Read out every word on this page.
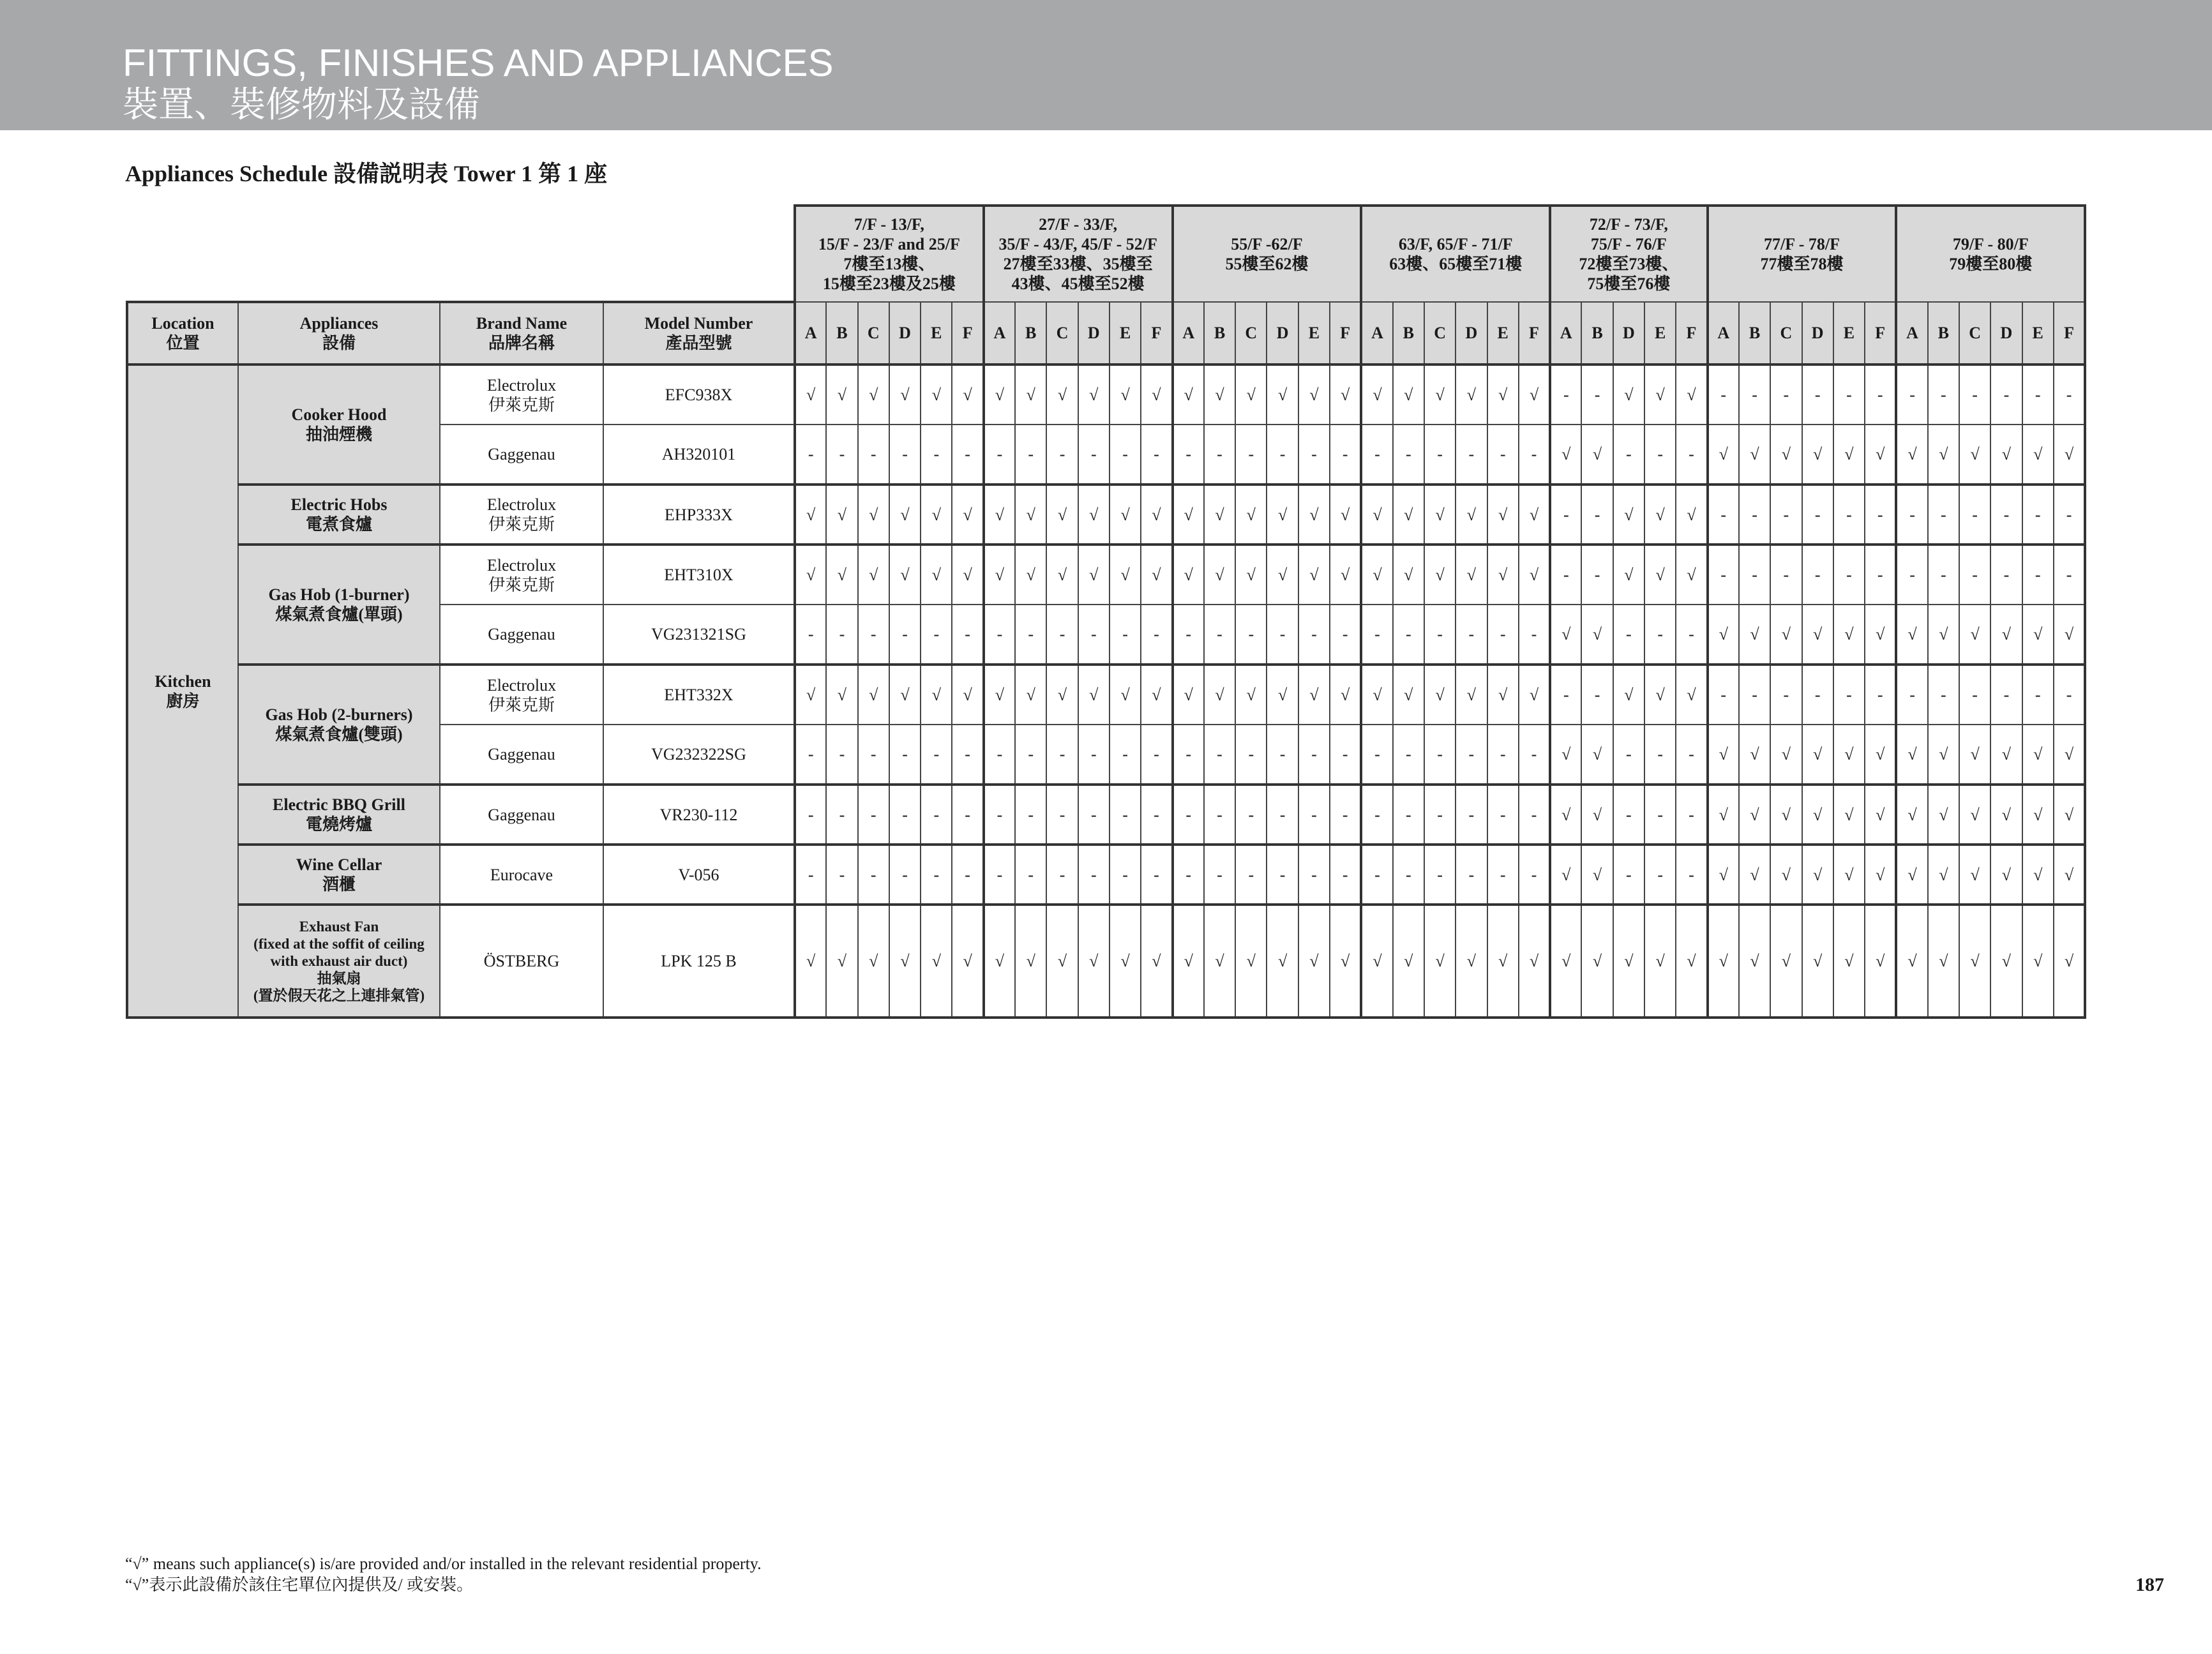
FITTINGS, FINISHES AND APPLIANCES
裝置、裝修物料及設備
Appliances Schedule 設備説明表 Tower 1 第 1 座
				7/F - 13/F,
15/F - 23/F and 25/F
7樓至13樓、
15樓至23樓及25樓						27/F - 33/F,
35/F - 43/F, 45/F - 52/F
27樓至33樓、35樓至
43樓、45樓至52樓						55/F -62/F
55樓至62樓						63/F, 65/F - 71/F
63樓、65樓至71樓						72/F - 73/F,
75/F - 76/F
72樓至73樓、
75樓至76樓					77/F - 78/F
77樓至78樓						79/F - 80/F
79樓至80樓					
Location
位置	Appliances
設備	Brand Name
品牌名稱	Model Number
產品型號	A	B	C	D	E	F	A	B	C	D	E	F	A	B	C	D	E	F	A	B	C	D	E	F	A	B	D	E	F	A	B	C	D	E	F	A	B	C	D	E	F
Kitchen
廚房	Cooker Hood
抽油煙機	Electrolux
伊萊克斯	EFC938X	√	√	√	√	√	√	√	√	√	√	√	√	√	√	√	√	√	√	√	√	√	√	√	√	-	-	√	√	√	-	-	-	-	-	-	-	-	-	-	-	-
		Gaggenau	AH320101	-	-	-	-	-	-	-	-	-	-	-	-	-	-	-	-	-	-	-	-	-	-	-	-	√	√	-	-	-	√	√	√	√	√	√	√	√	√	√	√	√
	Electric Hobs
電煮食爐	Electrolux
伊萊克斯	EHP333X	√	√	√	√	√	√	√	√	√	√	√	√	√	√	√	√	√	√	√	√	√	√	√	√	-	-	√	√	√	-	-	-	-	-	-	-	-	-	-	-	-
	Gas Hob (1-burner)
煤氣煮食爐(單頭)	Electrolux
伊萊克斯	EHT310X	√	√	√	√	√	√	√	√	√	√	√	√	√	√	√	√	√	√	√	√	√	√	√	√	-	-	√	√	√	-	-	-	-	-	-	-	-	-	-	-	-
		Gaggenau	VG231321SG	-	-	-	-	-	-	-	-	-	-	-	-	-	-	-	-	-	-	-	-	-	-	-	-	√	√	-	-	-	√	√	√	√	√	√	√	√	√	√	√	√
	Gas Hob (2-burners)
煤氣煮食爐(雙頭)	Electrolux
伊萊克斯	EHT332X	√	√	√	√	√	√	√	√	√	√	√	√	√	√	√	√	√	√	√	√	√	√	√	√	-	-	√	√	√	-	-	-	-	-	-	-	-	-	-	-	-
		Gaggenau	VG232322SG	-	-	-	-	-	-	-	-	-	-	-	-	-	-	-	-	-	-	-	-	-	-	-	-	√	√	-	-	-	√	√	√	√	√	√	√	√	√	√	√	√
	Electric BBQ Grill
電燒烤爐	Gaggenau	VR230-112	-	-	-	-	-	-	-	-	-	-	-	-	-	-	-	-	-	-	-	-	-	-	-	-	√	√	-	-	-	√	√	√	√	√	√	√	√	√	√	√	√
	Wine Cellar
酒櫃	Eurocave	V-056	-	-	-	-	-	-	-	-	-	-	-	-	-	-	-	-	-	-	-	-	-	-	-	-	√	√	-	-	-	√	√	√	√	√	√	√	√	√	√	√	√
	Exhaust Fan
(fixed at the soffit of ceiling
with exhaust air duct)
抽氣扇
(置於假天花之上連排氣管)	ÖSTBERG	LPK 125 B	√	√	√	√	√	√	√	√	√	√	√	√	√	√	√	√	√	√	√	√	√	√	√	√	√	√	√	√	√	√	√	√	√	√	√	√	√	√	√	√	√
“√” means such appliance(s) is/are provided and/or installed in the relevant residential property.
“√”表示此設備於該住宅單位內提供及/ 或安裝。	187
